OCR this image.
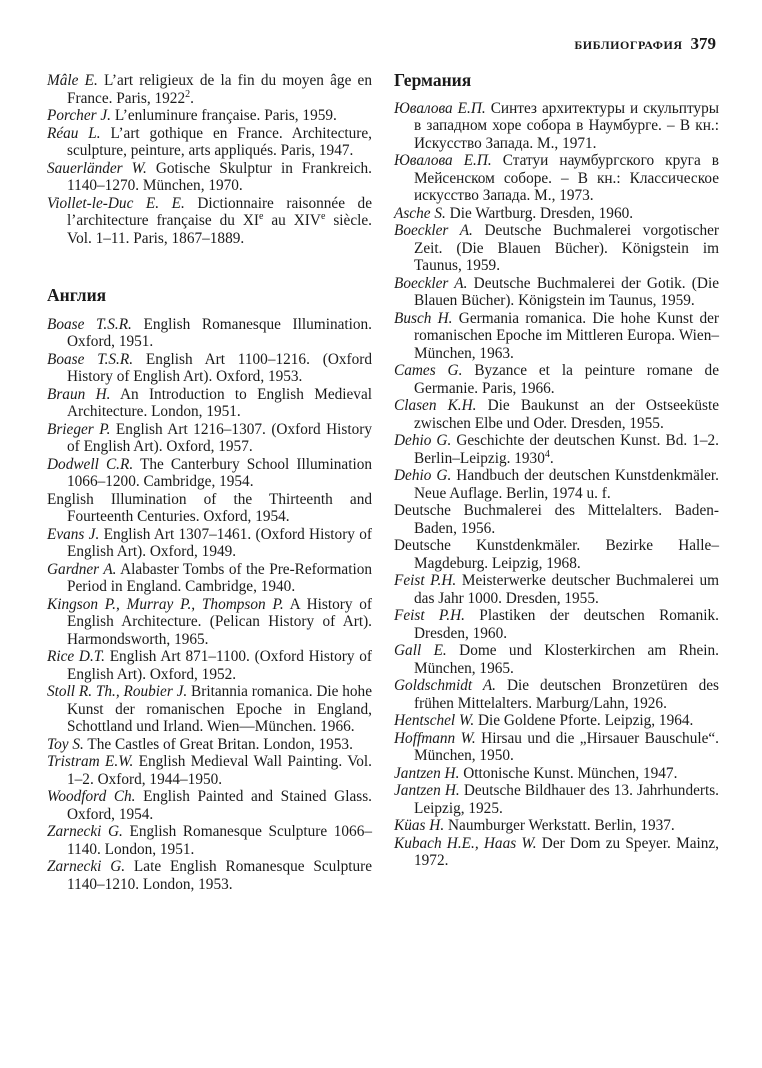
БИБЛИОГРАФИЯ 379

Mâle E. L’art religieux de la fin du moyen âge en France. Paris, 1922$^2$.

Porcher J. L’enluminure française. Paris, 1959.

Réau L. L’art gothique en France. Architecture, sculpture, peinture, arts appliqués. Paris, 1947.

Sauerländer W. Gotische Skulptur in Frankreich. 1140–1270. München, 1970.

Viollet-le-Duc E. E. Dictionnaire raisonnée de l’architecture française du XIe au XIVe siècle. Vol. 1–11. Paris, 1867–1889.

Англия

Boase T.S.R. English Romanesque Illumination. Oxford, 1951.

Boase T.S.R. English Art 1100–1216. (Oxford History of English Art). Oxford, 1953.

Braun H. An Introduction to English Medieval Architecture. London, 1951.

Brieger P. English Art 1216–1307. (Oxford History of English Art). Oxford, 1957.

Dodwell C.R. The Canterbury School Illumination 1066–1200. Cambridge, 1954.

English Illumination of the Thirteenth and Fourteenth Centuries. Oxford, 1954.

Evans J. English Art 1307–1461. (Oxford History of English Art). Oxford, 1949.

Gardner A. Alabaster Tombs of the Pre-Reformation Period in England. Cambridge, 1940.

Kingson P., Murray P., Thompson P. A History of English Architecture. (Pelican History of Art). Harmondsworth, 1965.

Rice D.T. English Art 871–1100. (Oxford History of English Art). Oxford, 1952.

Stoll R. Th., Roubier J. Britannia romanica. Die hohe Kunst der romanischen Epoche in England, Schottland und Irland. Wien—München. 1966.

Toy S. The Castles of Great Britan. London, 1953.

Tristram E.W. English Medieval Wall Painting. Vol. 1–2. Oxford, 1944–1950.

Woodford Ch. English Painted and Stained Glass. Oxford, 1954.

Zarnecki G. English Romanesque Sculpture 1066–1140. London, 1951.

Zarnecki G. Late English Romanesque Sculpture 1140–1210. London, 1953.

Германия

Ювалова Е.П. Синтез архитектуры и скульптуры в западном хоре собора в Наумбурге. – В кн.: Искусство Запада. М., 1971.

Ювалова Е.П. Статуи наумбургского круга в Мейсенском соборе. – В кн.: Классическое искусство Запада. М., 1973.

Asche S. Die Wartburg. Dresden, 1960.

Boeckler A. Deutsche Buchmalerei vorgotischer Zeit. (Die Blauen Bücher). Königstein im Taunus, 1959.

Boeckler A. Deutsche Buchmalerei der Gotik. (Die Blauen Bücher). Königstein im Taunus, 1959.

Busch H. Germania romanica. Die hohe Kunst der romanischen Epoche im Mittleren Europa. Wien–München, 1963.

Cames G. Byzance et la peinture romane de Germanie. Paris, 1966.

Clasen K.H. Die Baukunst an der Ostseeküste zwischen Elbe und Oder. Dresden, 1955.

Dehio G. Geschichte der deutschen Kunst. Bd. 1–2. Berlin–Leipzig. 1930$^4$.

Dehio G. Handbuch der deutschen Kunstdenkmäler. Neue Auflage. Berlin, 1974 u. f.

Deutsche Buchmalerei des Mittelalters. Baden-Baden, 1956.

Deutsche Kunstdenkmäler. Bezirke Halle–Magdeburg. Leipzig, 1968.

Feist P.H. Meisterwerke deutscher Buchmalerei um das Jahr 1000. Dresden, 1955.

Feist P.H. Plastiken der deutschen Romanik. Dresden, 1960.

Gall E. Dome und Klosterkirchen am Rhein. München, 1965.

Goldschmidt A. Die deutschen Bronzetüren des frühen Mittelalters. Marburg/Lahn, 1926.

Hentschel W. Die Goldene Pforte. Leipzig, 1964.

Hoffmann W. Hirsau und die „Hirsauer Bauschule“. München, 1950.

Jantzen H. Ottonische Kunst. München, 1947.

Jantzen H. Deutsche Bildhauer des 13. Jahrhunderts. Leipzig, 1925.

Küas H. Naumburger Werkstatt. Berlin, 1937.

Kubach H.E., Haas W. Der Dom zu Speyer. Mainz, 1972.
